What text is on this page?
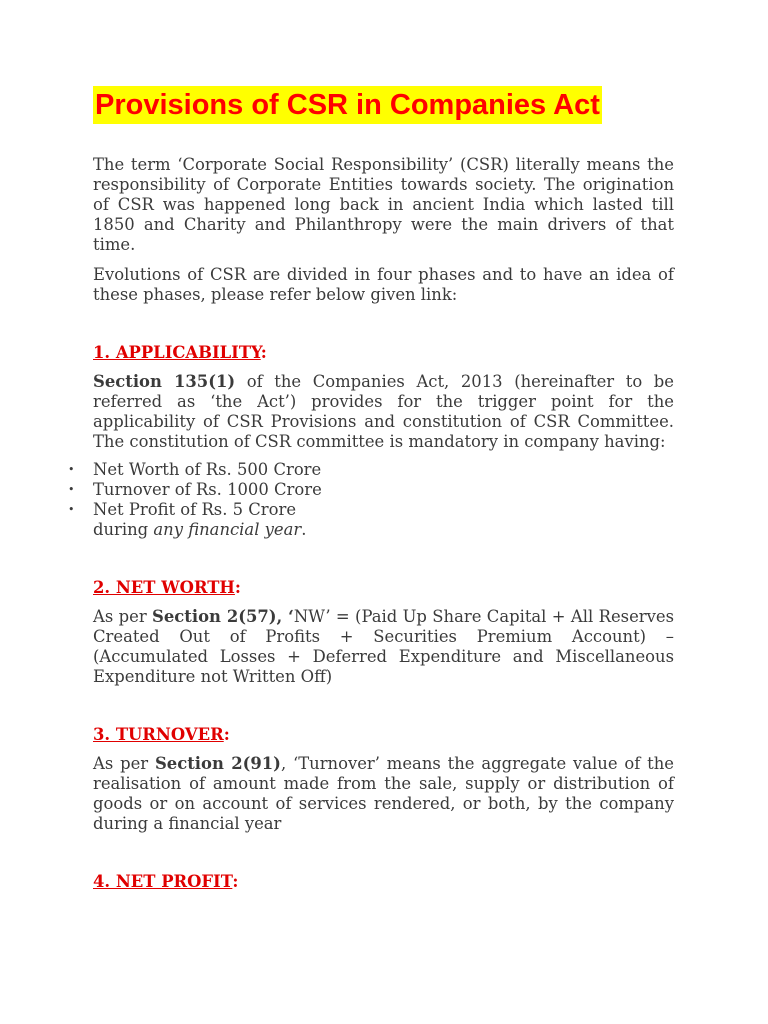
Provisions of CSR in Companies Act

The term ‘Corporate Social Responsibility’ (CSR) literally means the responsibility of Corporate Entities towards society. The origination of CSR was happened long back in ancient India which lasted till 1850 and Charity and Philanthropy were the main drivers of that time.

Evolutions of CSR are divided in four phases and to have an idea of these phases, please refer below given link:

1. APPLICABILITY:

Section 135(1) of the Companies Act, 2013 (hereinafter to be referred as ‘the Act’) provides for the trigger point for the applicability of CSR Provisions and constitution of CSR Committee. The constitution of CSR committee is mandatory in company having:

• Net Worth of Rs. 500 Crore
• Turnover of Rs. 1000 Crore
• Net Profit of Rs. 5 Crore

during any financial year.

2. NET WORTH:

As per Section 2(57), ‘NW’ = (Paid Up Share Capital + All Reserves Created Out of Profits + Securities Premium Account) – (Accumulated Losses + Deferred Expenditure and Miscellaneous Expenditure not Written Off)

3. TURNOVER:

As per Section 2(91), ‘Turnover’ means the aggregate value of the realisation of amount made from the sale, supply or distribution of goods or on account of services rendered, or both, by the company during a financial year

4. NET PROFIT:
